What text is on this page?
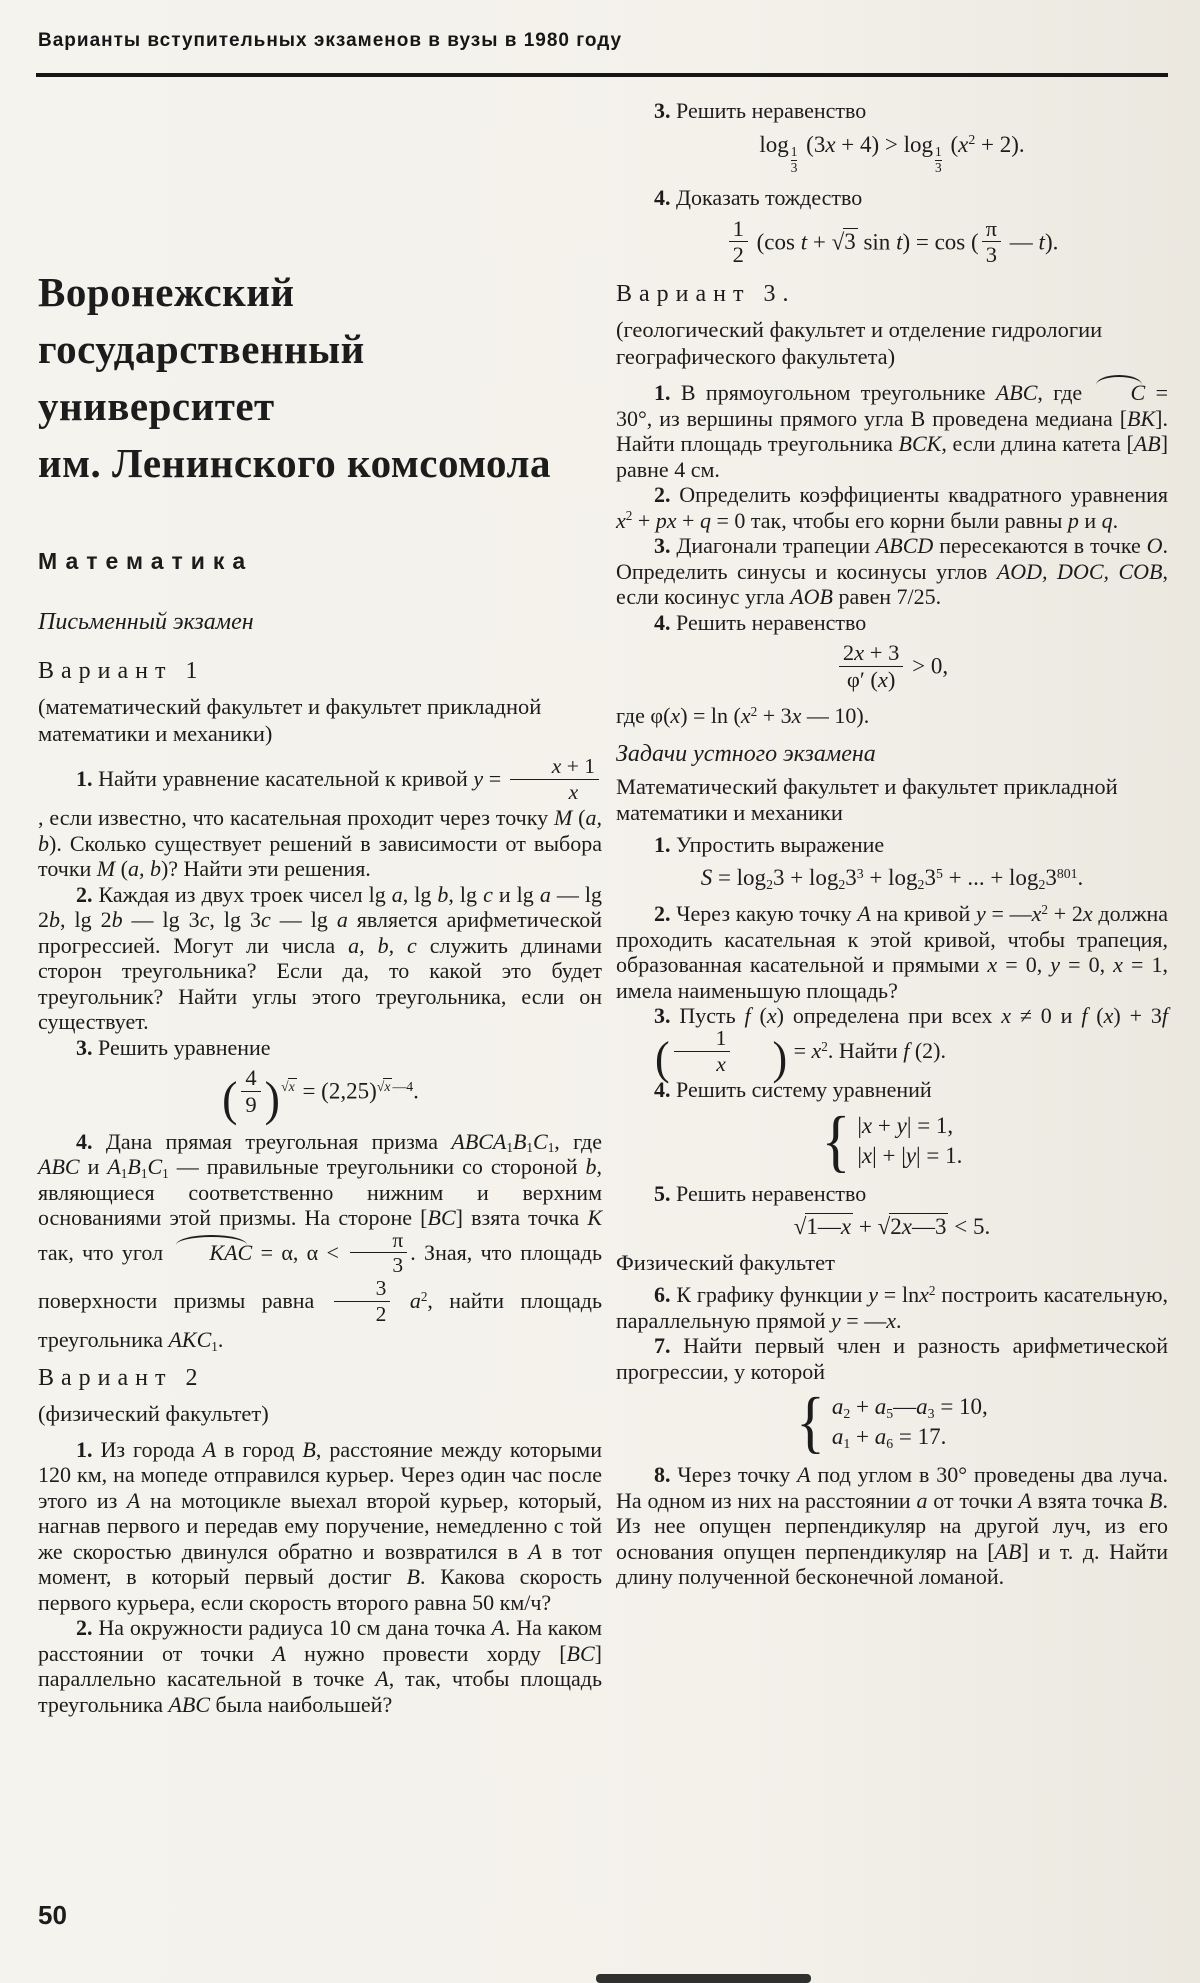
Варианты вступительных экзаменов в вузы в 1980 году
Воронежский
государственный
университет
им. Ленинского комсомола
Математика
Письменный экзамен
Вариант 1
(математический факультет и факультет прикладной математики и механики)

1. Найти уравнение касательной к кривой $y = \frac{x + 1}{x}$
, если известно, что касательная проходит через точку M (a, b). Сколько существует решений в зависимости от выбора точки M (a, b)? Найти эти решения.

2. Каждая из двух троек чисел lg a, lg b, lg c и lg a — lg 2b, lg 2b — lg 3c, lg 3c — lg a является арифметической прогрессией. Могут ли числа a, b, c служить длинами сторон треугольника? Если да, то какой это будет треугольник? Найти углы этого треугольника, если он существует.

3. Решить уравнение

( $\frac{4}{9} )^{√x} = (2,25)^{√x —4}$.

4. Дана прямая треугольная призма $ABCA_1B_1C_1$, где ABC и $A_1B_1C_1$ — правильные треугольники со стороной b, являющиеся соответственно нижним и верхним основаниями этой призмы. На стороне [BC] взята точка K так, что угол KAC = α, $\alpha < \frac{\pi}{3}$ . Зная, что площадь поверхности призмы равна $\frac{3}{2} a^2$, найти площадь треугольника $AKC_1$.

Вариант 2
(физический факультет)

1. Из города A в город B, расстояние между которыми 120 км, на мопеде отправился курьер. Через один час после этого из A на мотоцикле выехал второй курьер, который, нагнав первого и передав ему поручение, немедленно с той же скоростью двинулся обратно и возвратился в A в тот момент, в который первый достиг B. Какова скорость первого курьера, если скорость второго равна 50 км/ч?

2. На окружности радиуса 10 см дана точка A. На каком расстоянии от точки A нужно провести хорду [BC] параллельно касательной в точке A, так, чтобы площадь треугольника ABC была наибольшей?

3. Решить неравенство

log
$\frac{1}{3}$
(3x + 4) > log
$\frac{1}{3}$
$(x^2 + 2)$.

4. Доказать тождество

$\frac{1}{2} (\cos$ t + √3 sin t) = cos ( $\frac{\pi}{3}$ — t).
Вариант 3.
(геологический факультет и отделение гидрологии географического факультета)

1. В прямоугольном треугольнике ABC, где C = 30°, из вершины прямого угла В проведена медиана [BK]. Найти площадь треугольника BCK, если длина катета [AB] равне 4 см.

2. Определить коэффициенты квадратного уравнения $x^2$ + px + q = 0 так, чтобы его корни были равны p и q.

3. Диагонали трапеции ABCD пересекаются в точке O. Определить синусы и косинусы углов AOD, DOC, COB, если косинус угла AOB равен 7/25.

4. Решить неравенство

$\frac{2x + 3}{\varphi' (x)} > 0$,
где $\varphi(x) = \ln (x^2 + 3x$ — 10).
Задачи устного экзамена
Математический факультет и факультет прикладной математики и механики

1. Упростить выражение

$S = \log_23 + \log_23^3 + \log_23^5$ + ... + $\log_23^{801}$.

2. Через какую точку A на кривой $y = —x^2 + 2x$ должна проходить касательная к этой кривой, чтобы трапеция, образованная касательной и прямыми x = 0, y = 0, x = 1, имела наименьшую площадь?

3. Пусть f (x) определена при всех x ≠ 0 и f (x) + 3f ( $\frac{1}{x}$ ) = $x^2$. Найти f (2).

4. Решить систему уравнений

{ |x + y| = 1,
|x| + |y| = 1.

5. Решить неравенство

√1—x + √2x—3 < 5.
Физический факультет

6. К графику функции y = lnx$^2$ построить касательную, параллельную прямой y = —x.

7. Найти первый член и разность арифметической прогрессии, у которой

{ $a_2$ + $a_5—a_3 = 10$,
$a_1 + a_6 = 17$.

8. Через точку A под углом в 30° проведены два луча. На одном из них на расстоянии a от точки A взята точка B. Из нее опущен перпендикуляр на другой луч, из его основания опущен перпендикуляр на [AB] и т. д. Найти длину полученной бесконечной ломаной.

50
